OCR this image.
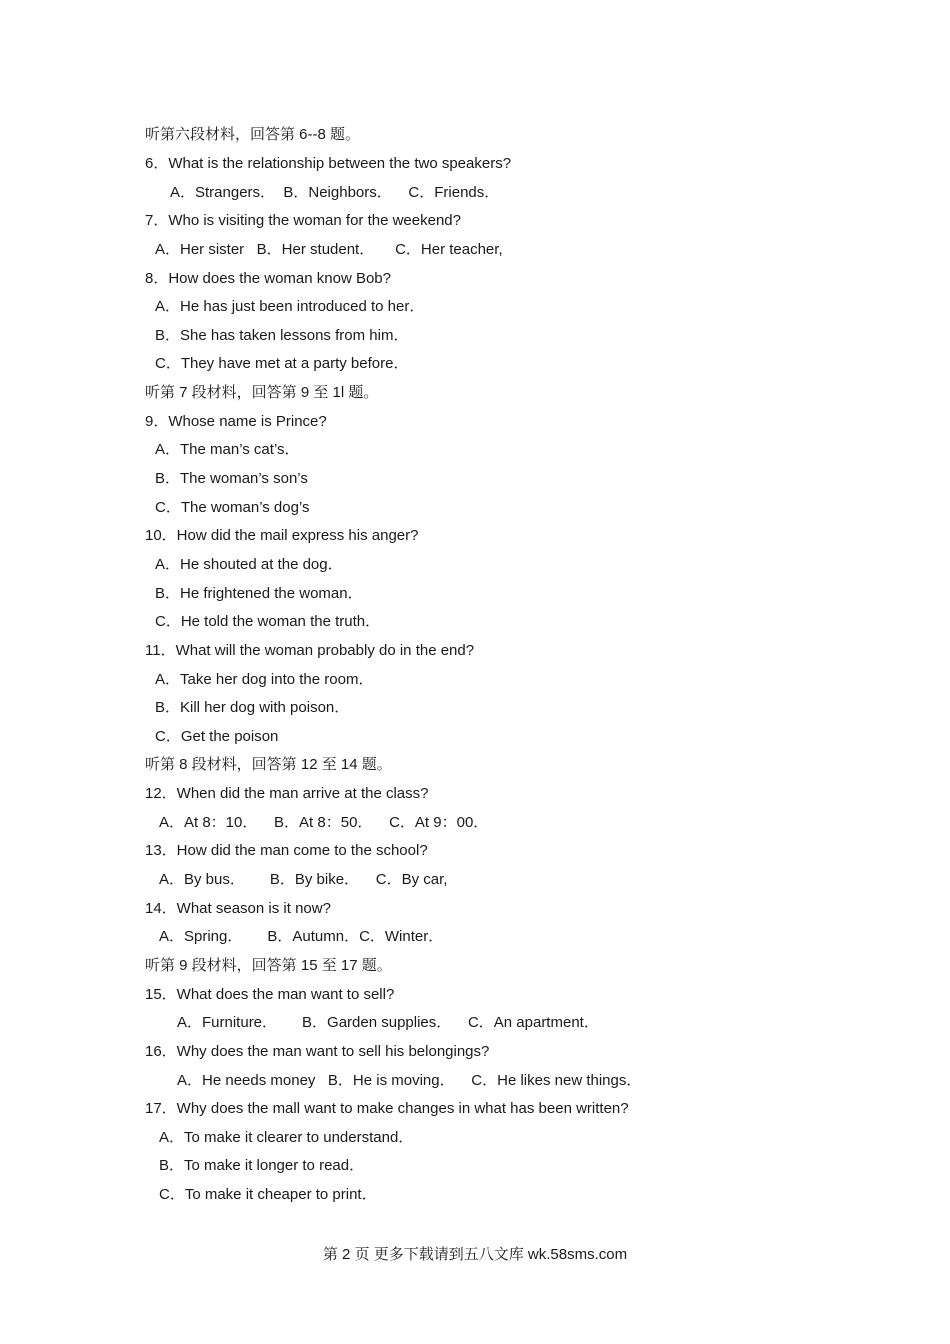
听第六段材料，回答第 6--8 题。
6．What is the relationship between the two speakers?
A．Strangers．  B．Neighbors．    C．Friends．
7．Who is visiting the woman for the weekend?
A．Her sister   B．Her student．     C．Her teacher,
8．How does the woman know Bob?
A．He has just been introduced to her．
B．She has taken lessons from him．
C．They have met at a party before．
听第 7 段材料，回答第 9 至 1l 题。
9．Whose name is Prince?
A．The man’s cat’s．
B．The woman’s son’s
C．The woman’s dog’s
10．How did the mail express his anger?
A．He shouted at the dog．
B．He frightened the woman．
C．He told the woman the truth．
11．What will the woman probably do in the end?
A．Take her dog into the room．
B．Kill her dog with poison．
C．Get the poison
听第 8 段材料，回答第 12 至 14 题。
12．When did the man arrive at the class?
A．At 8：10．    B．At 8：50．    C．At 9：00．
13．How did the man come to the school?
A．By bus．      B．By bike．    C．By car,
14．What season is it now?
A．Spring．      B．Autumn．C．Winter．
听第 9 段材料，回答第 15 至 17 题。
15．What does the man want to sell?
A．Furniture．      B．Garden supplies．    C．An apartment．
16．Why does the man want to sell his belongings?
A．He needs money   B．He is moving．    C．He likes new things．
17．Why does the mall want to make changes in what has been written?
A．To make it clearer to understand．
B．To make it longer to read．
C．To make it cheaper to print．
第 2 页 更多下载请到五八文库 wk.58sms.com
